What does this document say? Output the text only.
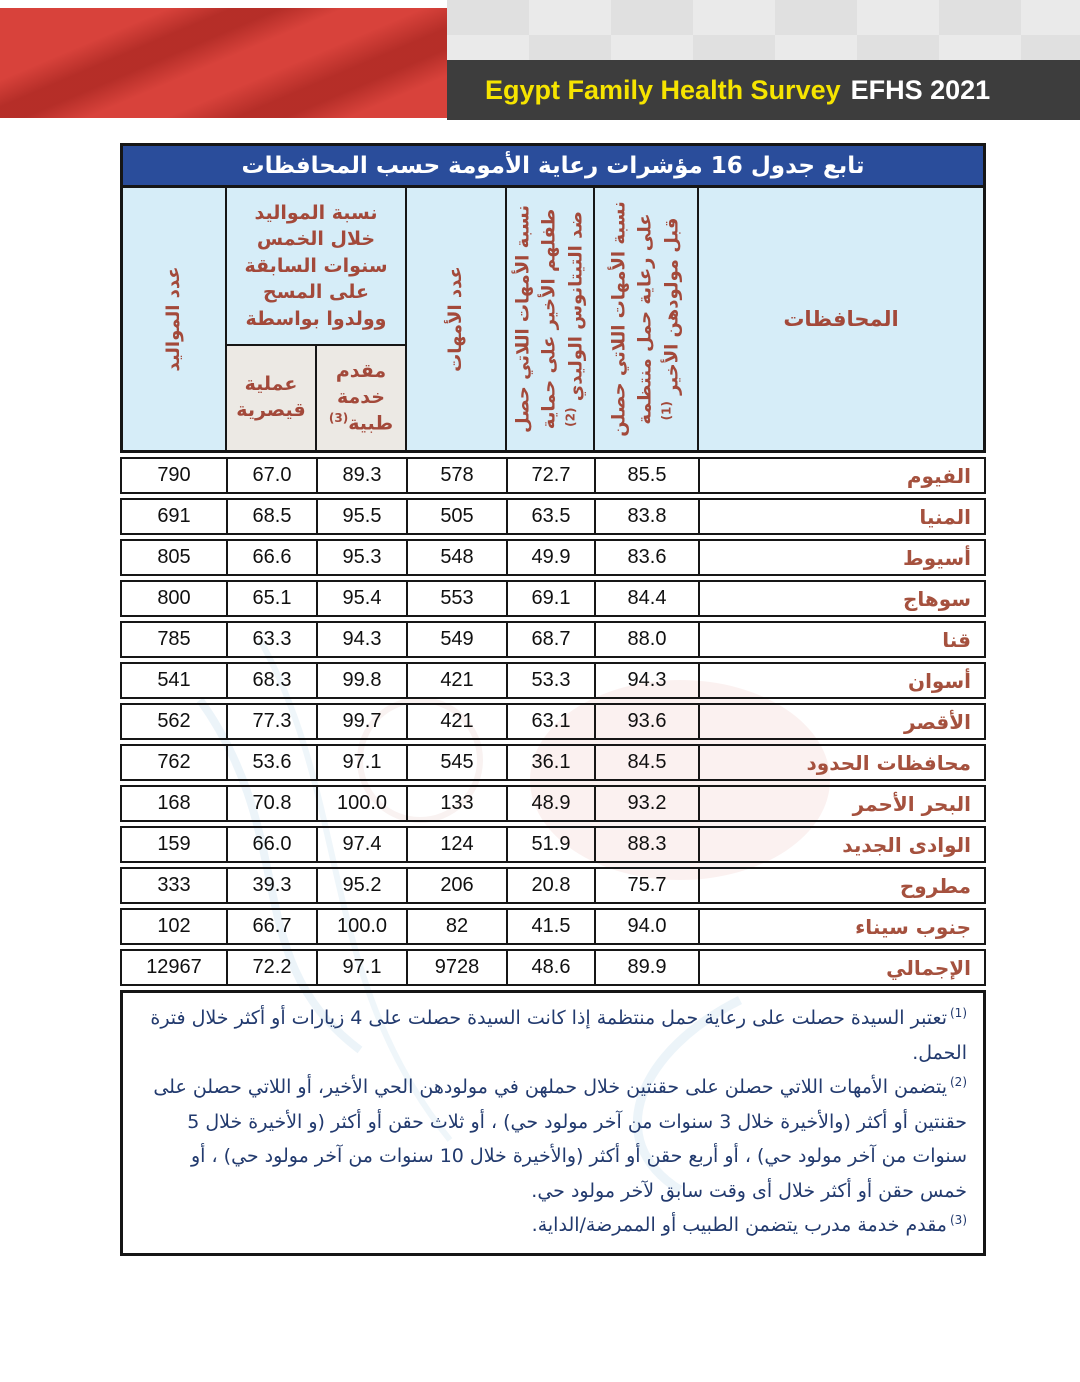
Egypt Family Health Survey EFHS 2021
تابع جدول 16 مؤشرات رعاية الأمومة حسب المحافظات
المحافظات
نسبة الأمهات اللاتي حصلن على رعاية حمل منتظمة قبل مولودهن الأخير $^{(1)}$
نسبة الأمهات اللاتي حصل طفلهم الأخير على حماية ضد التيتانوس الوليدي $^{(2)}$
عدد الأمهات
نسبة المواليد خلال الخمس سنوات السابقة على المسح وولدوا بواسطة
مقدم خدمة طبية$^{(3)}$
عملية قيصرية
عدد المواليد
الفيوم
85.5
72.7
578
89.3
67.0
790
المنيا
83.8
63.5
505
95.5
68.5
691
أسيوط
83.6
49.9
548
95.3
66.6
805
سوهاج
84.4
69.1
553
95.4
65.1
800
قنا
88.0
68.7
549
94.3
63.3
785
أسوان
94.3
53.3
421
99.8
68.3
541
الأقصر
93.6
63.1
421
99.7
77.3
562
محافظات الحدود
84.5
36.1
545
97.1
53.6
762
البحر الأحمر
93.2
48.9
133
100.0
70.8
168
الوادى الجديد
88.3
51.9
124
97.4
66.0
159
مطروح
75.7
20.8
206
95.2
39.3
333
جنوب سيناء
94.0
41.5
82
100.0
66.7
102
الإجمالي
89.9
48.6
9728
97.1
72.2
12967

$^{(1)}$تعتبر السيدة حصلت على رعاية حمل منتظمة إذا كانت السيدة حصلت على 4 زيارات أو أكثر خلال فترة الحمل.

$^{(2)}$يتضمن الأمهات اللاتي حصلن على حقنتين خلال حملهن في مولودهن الحي الأخير، أو اللاتي حصلن على حقنتين أو أكثر (والأخيرة خلال 3 سنوات من آخر مولود حي) ، أو ثلاث حقن أو أكثر (و الأخيرة خلال 5 سنوات من آخر مولود حي) ، أو أربع حقن أو أكثر (والأخيرة خلال 10 سنوات من آخر مولود حي) ، أو خمس حقن أو أكثر خلال أى وقت سابق لآخر مولود حي.

$^{(3)}$مقدم خدمة مدرب يتضمن الطبيب أو الممرضة/الداية.
